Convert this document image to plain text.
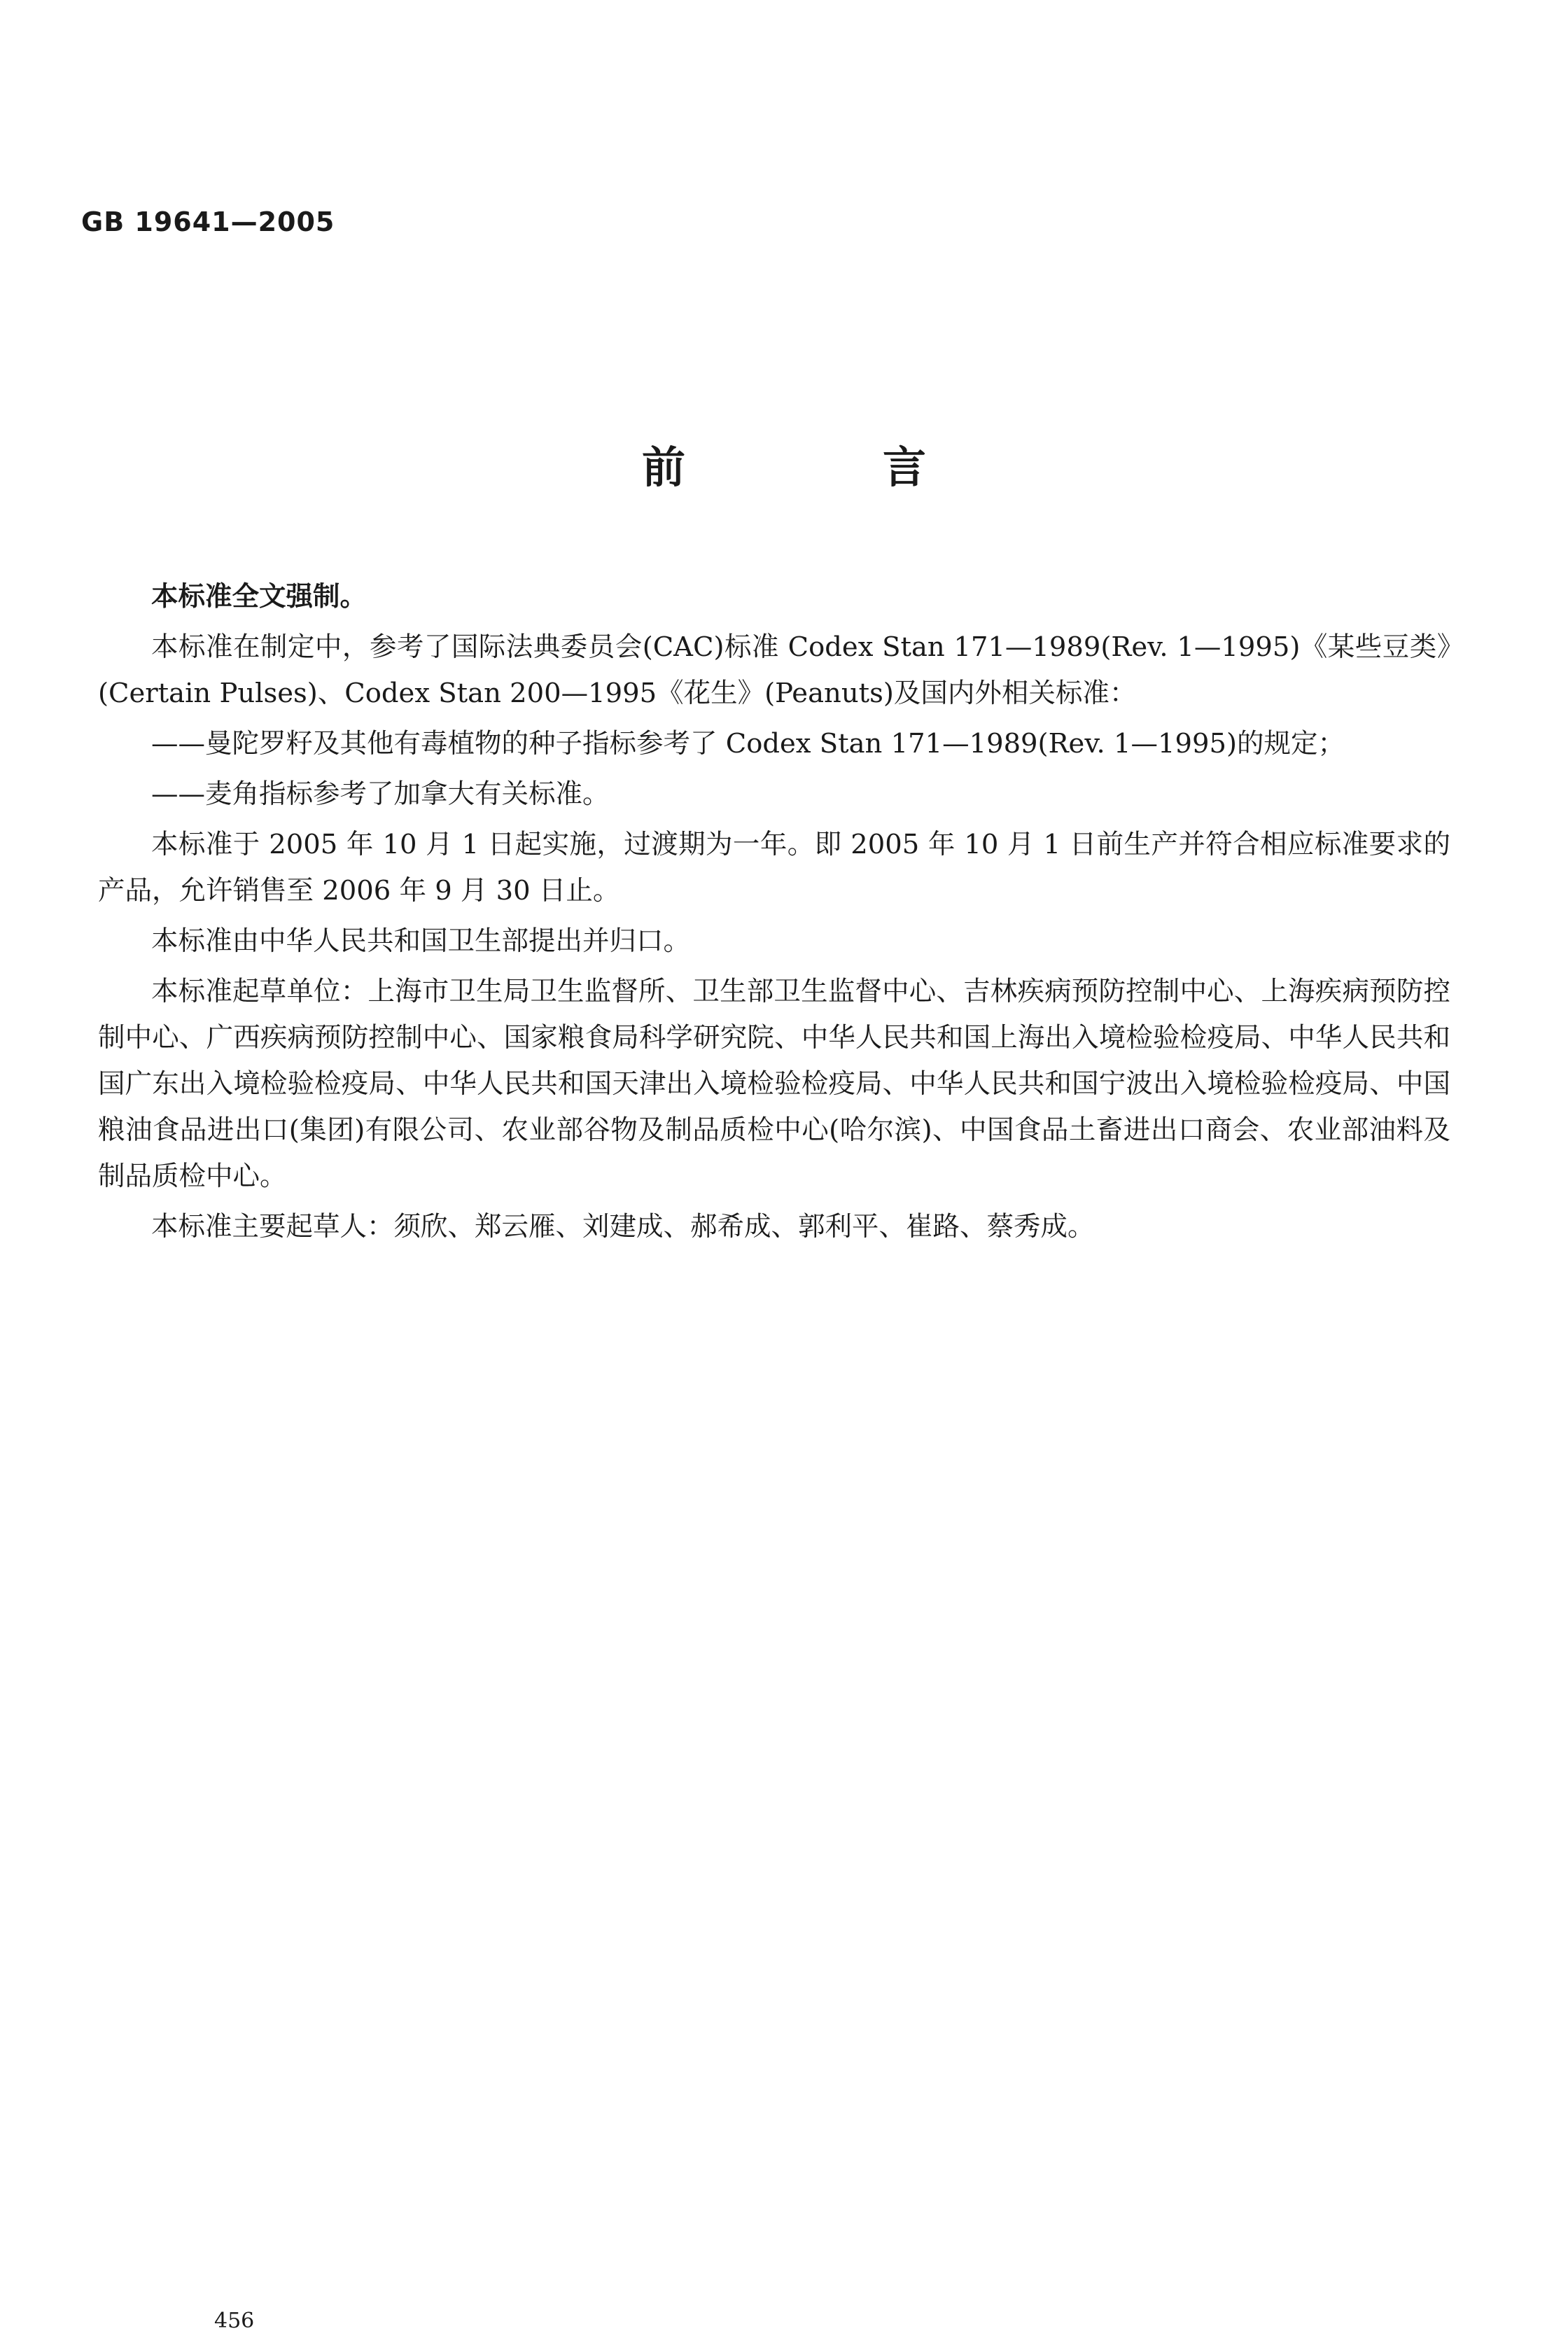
GB 19641—2005
前　言

本标准全文强制。

本标准在制定中，参考了国际法典委员会(CAC)标准 Codex Stan 171—1989(Rev. 1—1995)《某些豆类》(Certain Pulses)、Codex Stan 200—1995《花生》(Peanuts)及国内外相关标准：

——曼陀罗籽及其他有毒植物的种子指标参考了 Codex Stan 171—1989(Rev. 1—1995)的规定；

——麦角指标参考了加拿大有关标准。

本标准于 2005 年 10 月 1 日起实施，过渡期为一年。即 2005 年 10 月 1 日前生产并符合相应标准要求的产品，允许销售至 2006 年 9 月 30 日止。

本标准由中华人民共和国卫生部提出并归口。

本标准起草单位：上海市卫生局卫生监督所、卫生部卫生监督中心、吉林疾病预防控制中心、上海疾病预防控制中心、广西疾病预防控制中心、国家粮食局科学研究院、中华人民共和国上海出入境检验检疫局、中华人民共和国广东出入境检验检疫局、中华人民共和国天津出入境检验检疫局、中华人民共和国宁波出入境检验检疫局、中国粮油食品进出口(集团)有限公司、农业部谷物及制品质检中心(哈尔滨)、中国食品土畜进出口商会、农业部油料及制品质检中心。

本标准主要起草人：须欣、郑云雁、刘建成、郝希成、郭利平、崔路、蔡秀成。

456
